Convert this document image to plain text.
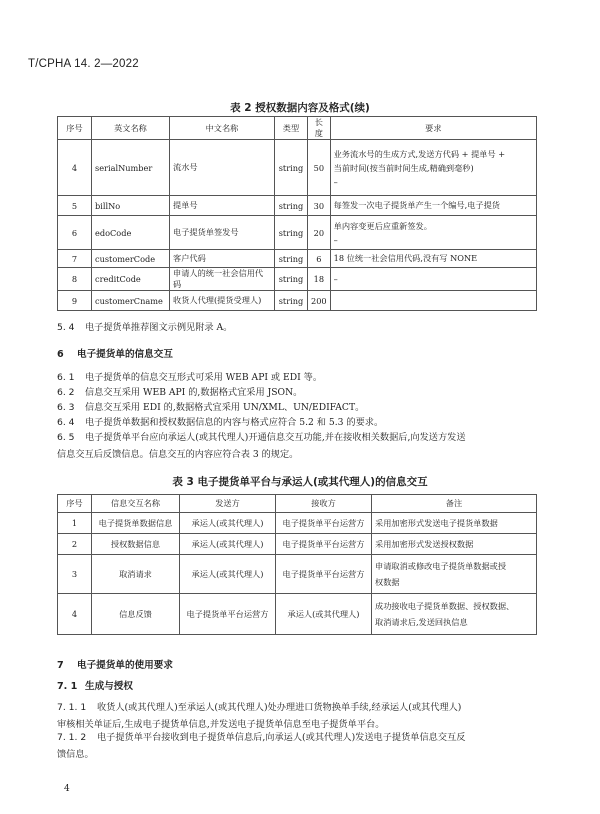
T/CPHA 14. 2—2022
表 2 授权数据内容及格式(续)
序号	英文名称	中文名称	类型	长度	要求
4	serialNumber	流水号	string	50	业务流水号的生成方式,发送方代码 + 提单号 +
当前时间(按当前时间生成,精确到毫秒)
–

5	billNo	提单号	string	30	每签发一次电子提货单产生一个编号,电子提货
6	edoCode	电子提货单签发号	string	20	单内容变更后应重新签发。
–

7	customerCode	客户代码	string	6	18 位统一社会信用代码,没有写 NONE
8	creditCode	申请人的统一社会信用代码	string	18	–
9	customerCname	收货人代理(提货受理人)	string	200	
5. 4 电子提货单推荐图文示例见附录 A。
6 电子提货单的信息交互
6. 1 电子提货单的信息交互形式可采用 WEB API 或 EDI 等。
6. 2 信息交互采用 WEB API 的,数据格式宜采用 JSON。
6. 3 信息交互采用 EDI 的,数据格式宜采用 UN/XML、UN/EDIFACT。
6. 4 电子提货单数据和授权数据信息的内容与格式应符合 5.2 和 5.3 的要求。
6. 5 电子提货单平台应向承运人(或其代理人)开通信息交互功能,并在接收相关数据后,向发送方发送
信息交互后反馈信息。信息交互的内容应符合表 3 的规定。
表 3 电子提货单平台与承运人(或其代理人)的信息交互
序号	信息交互名称	发送方	接收方	备注
1	电子提货单数据信息	承运人(或其代理人)	电子提货单平台运营方	采用加密形式发送电子提货单数据
2	授权数据信息	承运人(或其代理人)	电子提货单平台运营方	采用加密形式发送授权数据
3	取消请求	承运人(或其代理人)	电子提货单平台运营方	申请取消或修改电子提货单数据或授
权数据

4	信息反馈	电子提货单平台运营方	承运人(或其代理人)	成功接收电子提货单数据、授权数据、
取消请求后,发送回执信息
7 电子提货单的使用要求
7. 1 生成与授权
7. 1. 1 收货人(或其代理人)至承运人(或其代理人)处办理进口货物换单手续,经承运人(或其代理人)
审核相关单证后,生成电子提货单信息,并发送电子提货单信息至电子提货单平台。
7. 1. 2 电子提货单平台接收到电子提货单信息后,向承运人(或其代理人)发送电子提货单信息交互反
馈信息。
4
